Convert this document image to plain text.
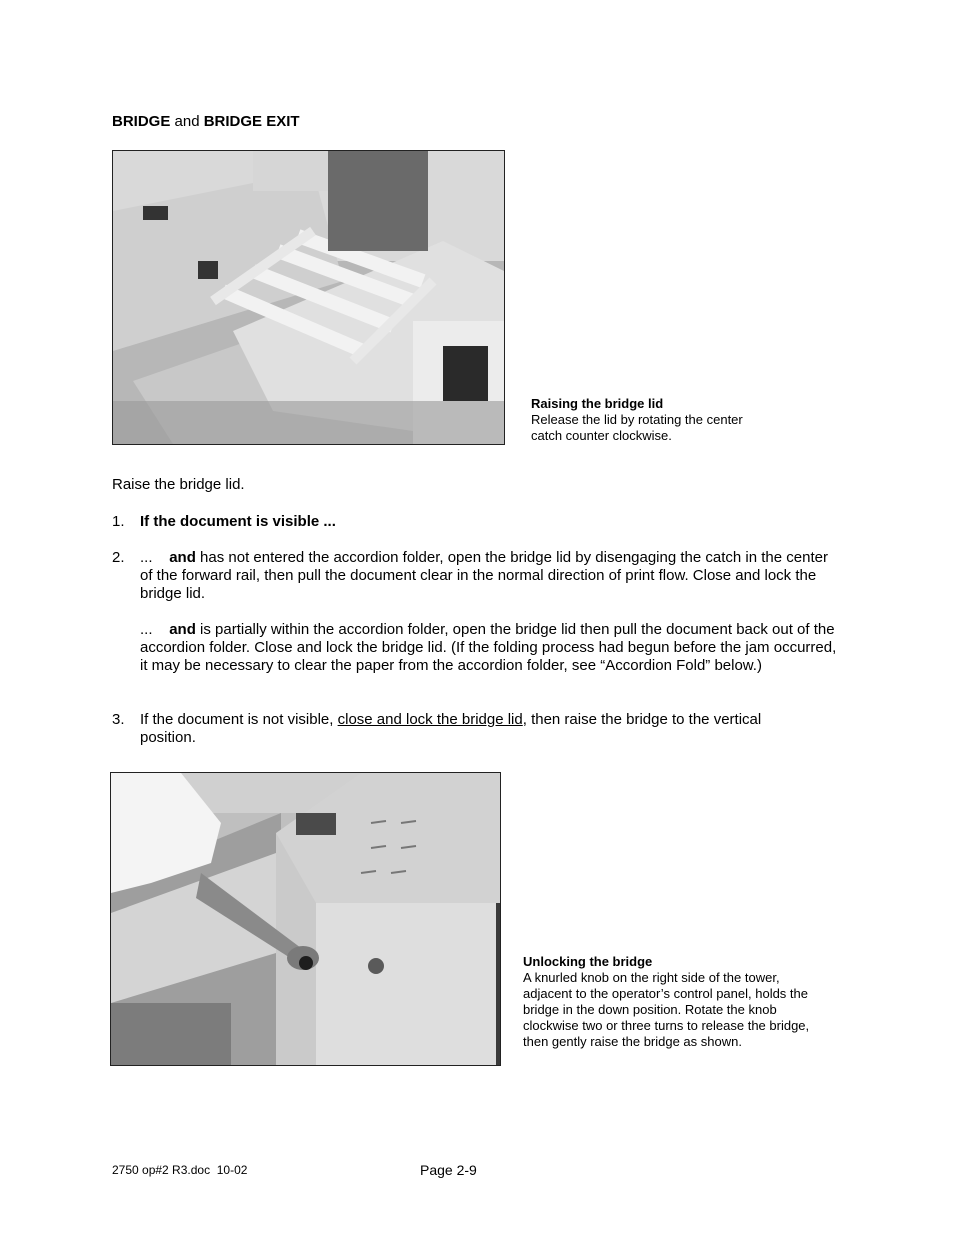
BRIDGE and BRIDGE EXIT
Raising the bridge lid
Release the lid by rotating the center catch counter clockwise.
Raise the bridge lid.
1. If the document is visible ...
2. ...    and has not entered the accordion folder, open the bridge lid by disengaging the catch in the center of the forward rail, then pull the document clear in the normal direction of print flow. Close and lock the bridge lid.
...    and is partially within the accordion folder, open the bridge lid then pull the document back out of the accordion folder. Close and lock the bridge lid. (If the folding process had begun before the jam occurred, it may be necessary to clear the paper from the accordion folder, see “Accordion Fold” below.)
3. If the document is not visible, close and lock the bridge lid, then raise the bridge to the vertical position.
Unlocking the bridge
A knurled knob on the right side of the tower, adjacent to the operator’s control panel, holds the bridge in the down position. Rotate the knob clockwise two or three turns to release the bridge, then gently raise the bridge as shown.
2750 op#2 R3.doc  10-02	Page 2-9
